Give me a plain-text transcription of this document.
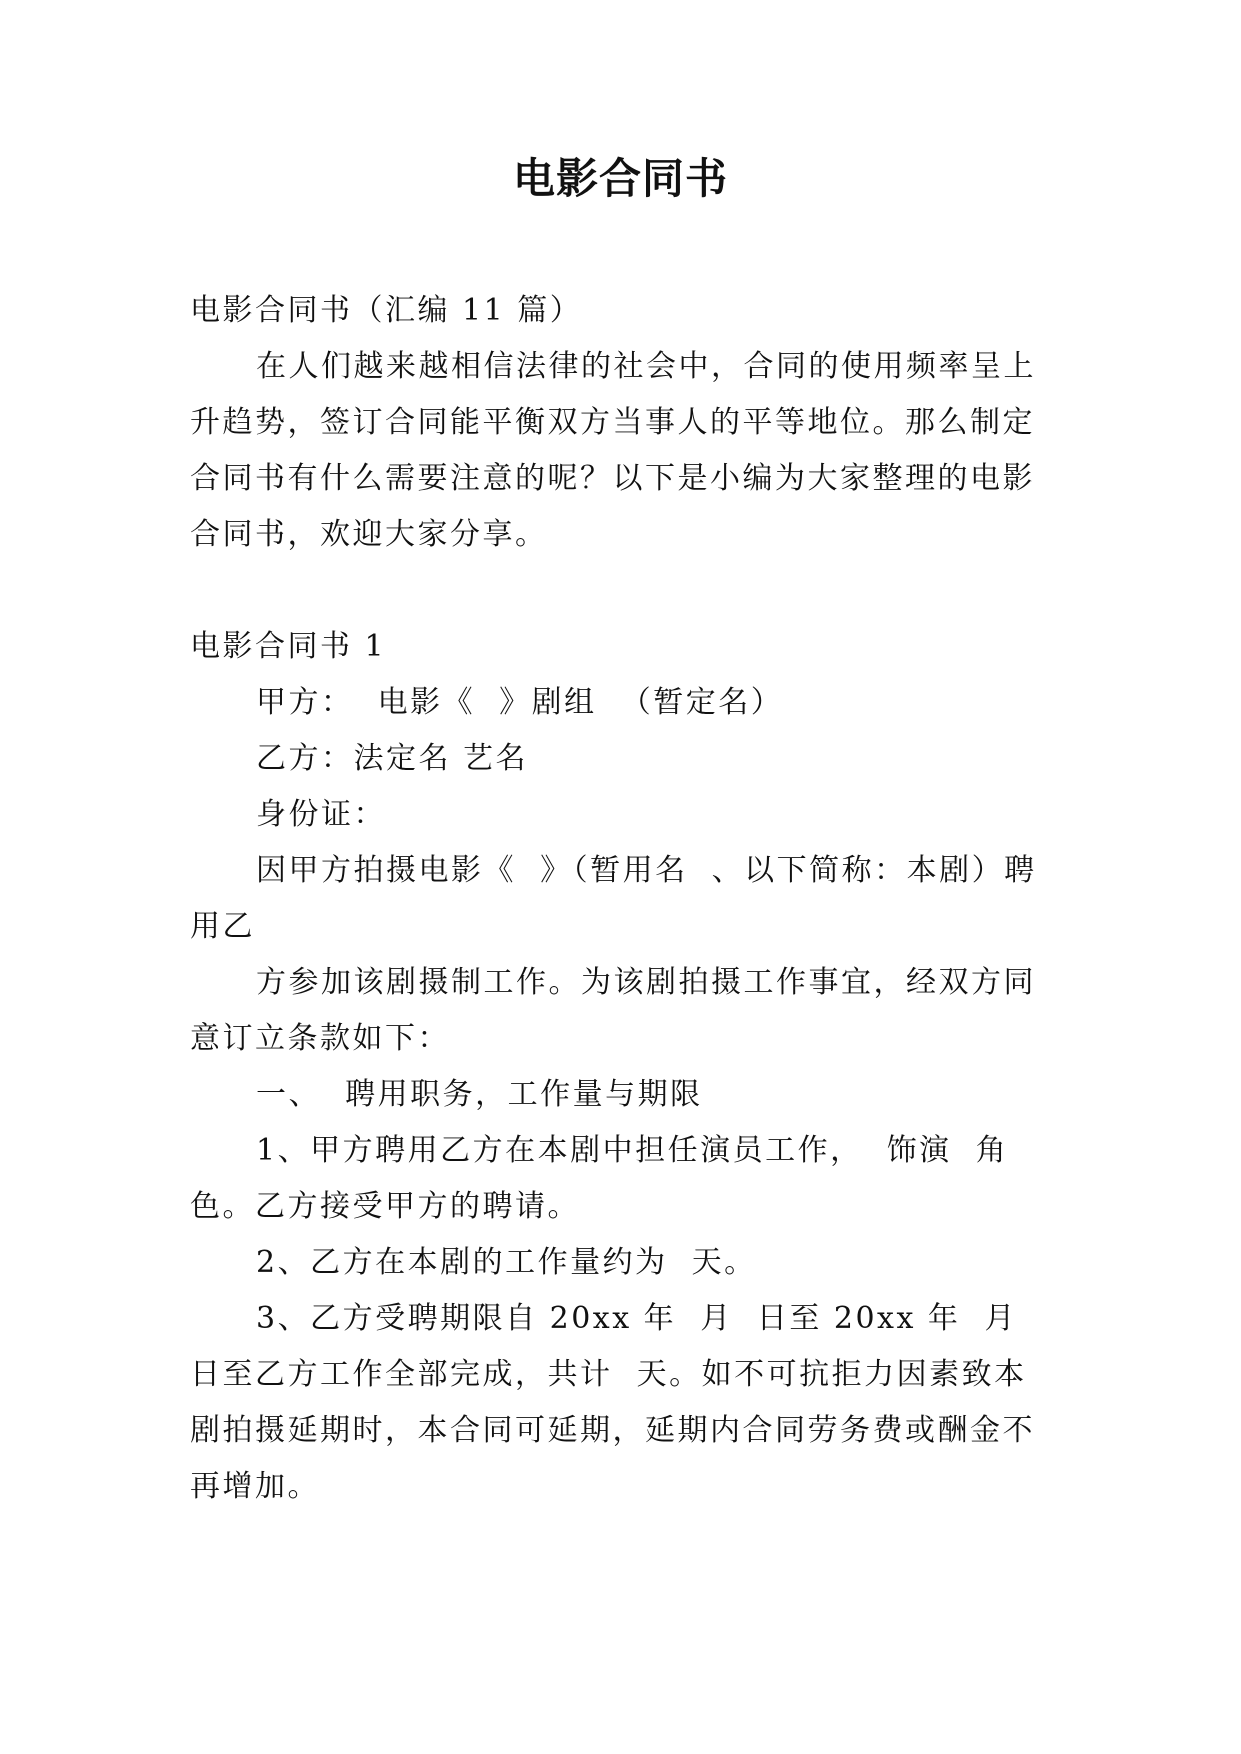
电影合同书

电影合同书（汇编 11 篇）

在人们越来越相信法律的社会中，合同的使用频率呈上升趋势，签订合同能平衡双方当事人的平等地位。那么制定合同书有什么需要注意的呢？以下是小编为大家整理的电影合同书，欢迎大家分享。

电影合同书 1

甲方：  电影《  》剧组  （暂定名）

乙方：法定名 艺名

身份证：

因甲方拍摄电影《  》（暂用名  、以下简称：本剧）聘用乙

方参加该剧摄制工作。为该剧拍摄工作事宜，经双方同意订立条款如下：

一、  聘用职务，工作量与期限

1、甲方聘用乙方在本剧中担任演员工作，  饰演  角色。乙方接受甲方的聘请。

2、乙方在本剧的工作量约为  天。

3、乙方受聘期限自 20xx 年  月  日至 20xx 年  月  日至乙方工作全部完成，共计  天。如不可抗拒力因素致本剧拍摄延期时，本合同可延期，延期内合同劳务费或酬金不再增加。
